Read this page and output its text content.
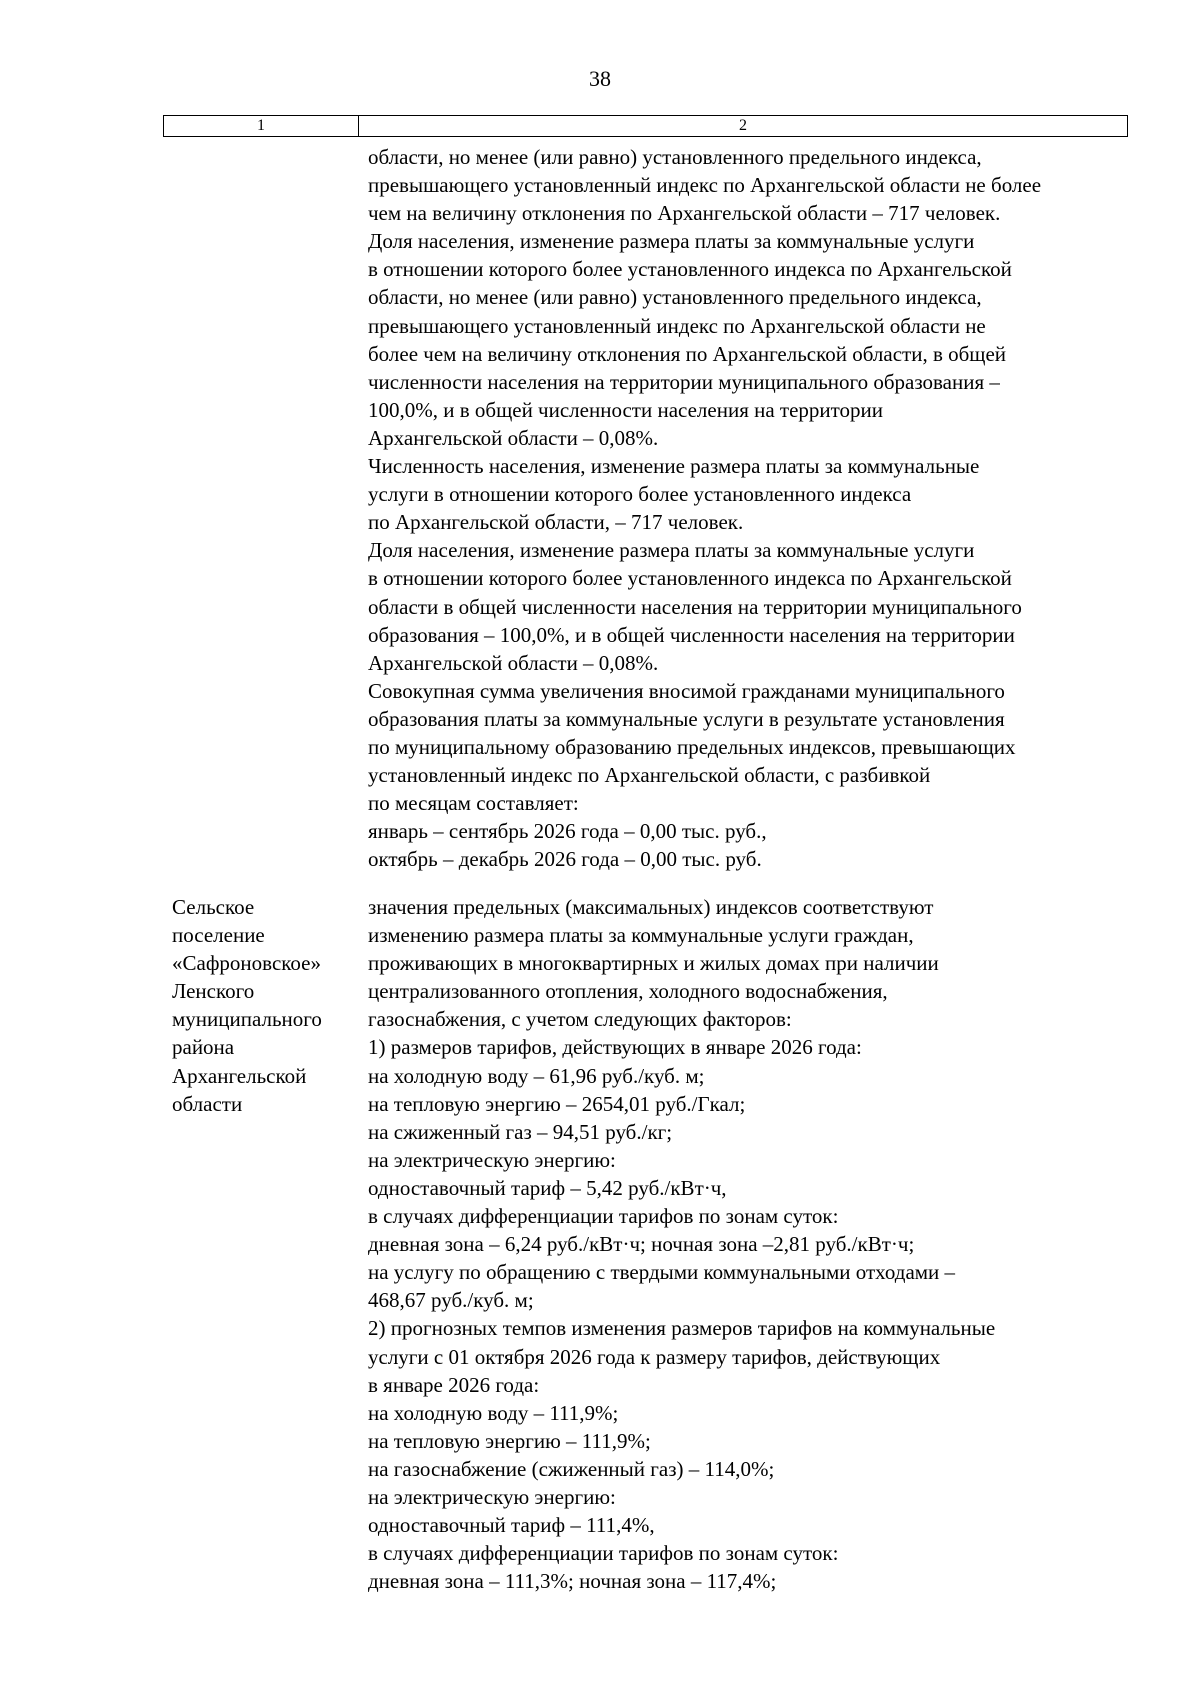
38
1	2
области, но менее (или равно) установленного предельного индекса,
превышающего установленный индекс по Архангельской области не более
чем на величину отклонения по Архангельской области – 717 человек.
Доля населения, изменение размера платы за коммунальные услуги
в отношении которого более установленного индекса по Архангельской
области, но менее (или равно) установленного предельного индекса,
превышающего установленный индекс по Архангельской области не
более чем на величину отклонения по Архангельской области, в общей
численности населения на территории муниципального образования –
100,0%, и в общей численности населения на территории
Архангельской области – 0,08%.
Численность населения, изменение размера платы за коммунальные
услуги в отношении которого более установленного индекса
по Архангельской области, – 717 человек.
Доля населения, изменение размера платы за коммунальные услуги
в отношении которого более установленного индекса по Архангельской
области в общей численности населения на территории муниципального
образования – 100,0%, и в общей численности населения на территории
Архангельской области – 0,08%.
Совокупная сумма увеличения вносимой гражданами муниципального
образования платы за коммунальные услуги в результате установления
по муниципальному образованию предельных индексов, превышающих
установленный индекс по Архангельской области, с разбивкой
по месяцам составляет:
январь – сентябрь 2026 года – 0,00 тыс. руб.,
октябрь – декабрь 2026 года – 0,00 тыс. руб.
Сельское
поселение
«Сафроновское»
Ленского
муниципального
района
Архангельской
области
значения предельных (максимальных) индексов соответствуют
изменению размера платы за коммунальные услуги граждан,
проживающих в многоквартирных и жилых домах при наличии
централизованного отопления, холодного водоснабжения,
газоснабжения, с учетом следующих факторов:
1) размеров тарифов, действующих в январе 2026 года:
на холодную воду – 61,96 руб./куб. м;
на тепловую энергию – 2654,01 руб./Гкал;
на сжиженный газ – 94,51 руб./кг;
на электрическую энергию:
одноставочный тариф – 5,42 руб./кВт·ч,
в случаях дифференциации тарифов по зонам суток:
дневная зона – 6,24 руб./кВт·ч; ночная зона –2,81 руб./кВт·ч;
на услугу по обращению с твердыми коммунальными отходами –
468,67 руб./куб. м;
2) прогнозных темпов изменения размеров тарифов на коммунальные
услуги с 01 октября 2026 года к размеру тарифов, действующих
в январе 2026 года:
на холодную воду – 111,9%;
на тепловую энергию – 111,9%;
на газоснабжение (сжиженный газ) – 114,0%;
на электрическую энергию:
одноставочный тариф – 111,4%,
в случаях дифференциации тарифов по зонам суток:
дневная зона – 111,3%; ночная зона – 117,4%;
